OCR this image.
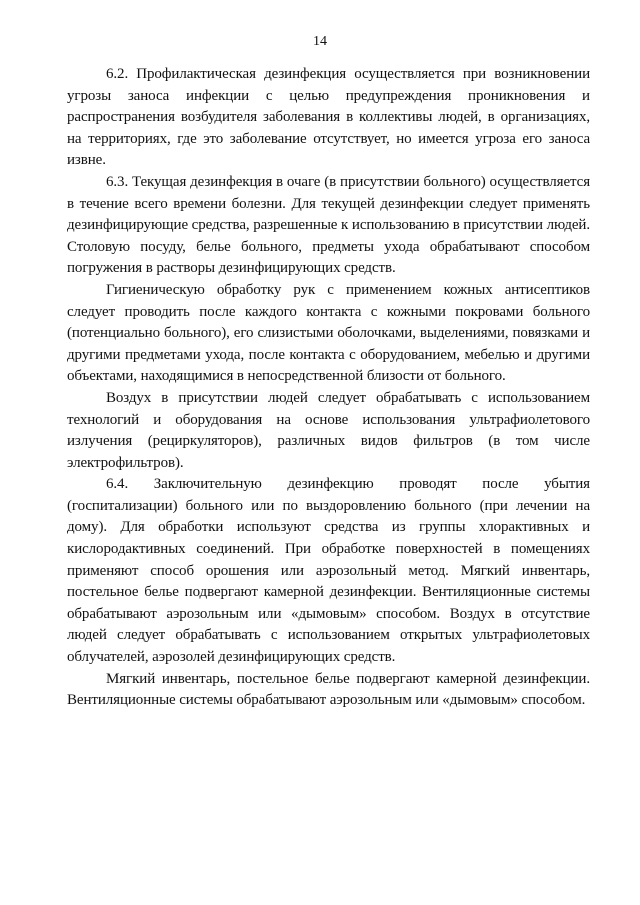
14

6.2. Профилактическая дезинфекция осуществляется при возникновении угрозы заноса инфекции с целью предупреждения проникновения и распространения возбудителя заболевания в коллективы людей, в организациях, на территориях, где это заболевание отсутствует, но имеется угроза его заноса извне.

6.3. Текущая дезинфекция в очаге (в присутствии больного) осуществляется в течение всего времени болезни. Для текущей дезинфекции следует применять дезинфицирующие средства, разрешенные к использованию в присутствии людей. Столовую посуду, белье больного, предметы ухода обрабатывают способом погружения в растворы дезинфицирующих средств.

Гигиеническую обработку рук с применением кожных антисептиков следует проводить после каждого контакта с кожными покровами больного (потенциально больного), его слизистыми оболочками, выделениями, повязками и другими предметами ухода, после контакта с оборудованием, мебелью и другими объектами, находящимися в непосредственной близости от больного.

Воздух в присутствии людей следует обрабатывать с использованием технологий и оборудования на основе использования ультрафиолетового излучения (рециркуляторов), различных видов фильтров (в том числе электрофильтров).

6.4. Заключительную дезинфекцию проводят после убытия (госпитализации) больного или по выздоровлению больного (при лечении на дому). Для обработки используют средства из группы хлорактивных и кислородактивных соединений. При обработке поверхностей в помещениях применяют способ орошения или аэрозольный метод. Мягкий инвентарь, постельное белье подвергают камерной дезинфекции. Вентиляционные системы обрабатывают аэрозольным или «дымовым» способом. Воздух в отсутствие людей следует обрабатывать с использованием открытых ультрафиолетовых облучателей, аэрозолей дезинфицирующих средств.

Мягкий инвентарь, постельное белье подвергают камерной дезинфекции. Вентиляционные системы обрабатывают аэрозольным или «дымовым» способом.
